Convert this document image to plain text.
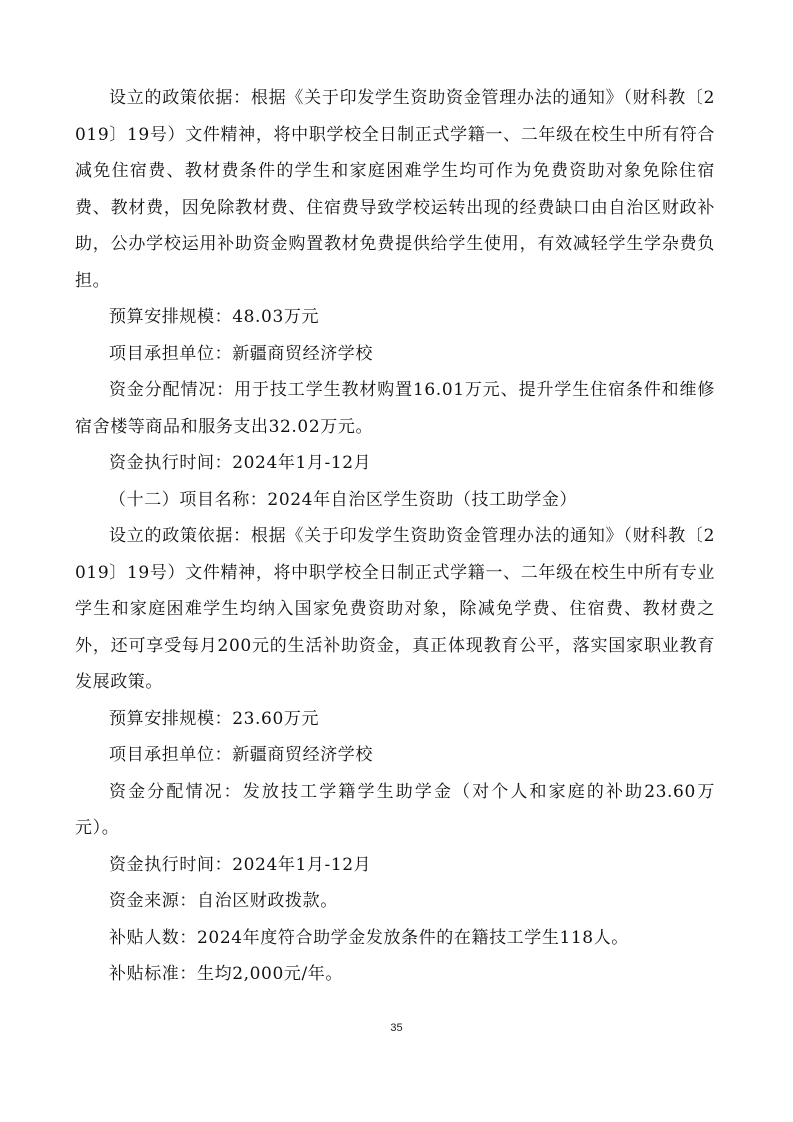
设立的政策依据：根据《关于印发学生资助资金管理办法的通知》（财科教〔2019〕19号）文件精神，将中职学校全日制正式学籍一、二年级在校生中所有符合减免住宿费、教材费条件的学生和家庭困难学生均可作为免费资助对象免除住宿费、教材费，因免除教材费、住宿费导致学校运转出现的经费缺口由自治区财政补助，公办学校运用补助资金购置教材免费提供给学生使用，有效减轻学生学杂费负担。

预算安排规模：48.03万元

项目承担单位：新疆商贸经济学校

资金分配情况：用于技工学生教材购置16.01万元、提升学生住宿条件和维修宿舍楼等商品和服务支出32.02万元。

资金执行时间：2024年1月-12月

（十二）项目名称：2024年自治区学生资助（技工助学金）

设立的政策依据：根据《关于印发学生资助资金管理办法的通知》（财科教〔2019〕19号）文件精神，将中职学校全日制正式学籍一、二年级在校生中所有专业学生和家庭困难学生均纳入国家免费资助对象，除减免学费、住宿费、教材费之外，还可享受每月200元的生活补助资金，真正体现教育公平，落实国家职业教育发展政策。

预算安排规模：23.60万元

项目承担单位：新疆商贸经济学校

资金分配情况：发放技工学籍学生助学金（对个人和家庭的补助23.60万元）。

资金执行时间：2024年1月-12月

资金来源：自治区财政拨款。

补贴人数：2024年度符合助学金发放条件的在籍技工学生118人。

补贴标准：生均2,000元/年。

35
